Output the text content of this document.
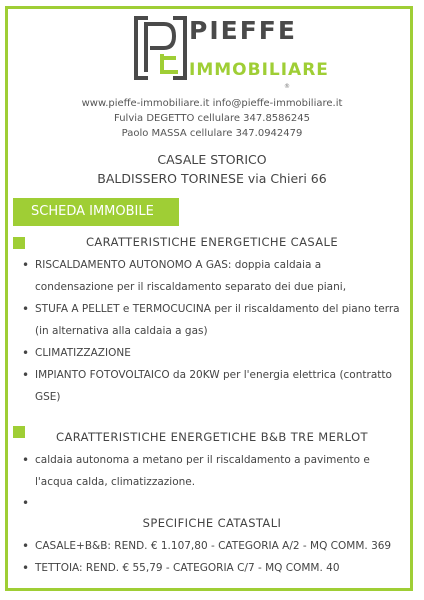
PIEFFE
IMMOBILIARE
®
www.pieffe-immobiliare.it info@pieffe-immobiliare.it
Fulvia DEGETTO cellulare 347.8586245
Paolo MASSA cellulare 347.0942479
CASALE STORICO
BALDISSERO TORINESE via Chieri 66
SCHEDA IMMOBILE
CARATTERISTICHE ENERGETICHE CASALE
• RISCALDAMENTO AUTONOMO A GAS: doppia caldaia a condensazione per il riscaldamento separato dei due piani,
• STUFA A PELLET e TERMOCUCINA per il riscaldamento del piano terra (in alternativa alla caldaia a gas)
• CLIMATIZZAZIONE
• IMPIANTO FOTOVOLTAICO da 20KW per l'energia elettrica (contratto GSE)
CARATTERISTICHE ENERGETICHE B&B TRE MERLOT
• caldaia autonoma a metano per il riscaldamento a pavimento e l'acqua calda, climatizzazione.
•
SPECIFICHE CATASTALI
• CASALE+B&B: REND. € 1.107,80 - CATEGORIA A/2 - MQ COMM. 369
• TETTOIA: REND. € 55,79 - CATEGORIA C/7 - MQ COMM. 40
